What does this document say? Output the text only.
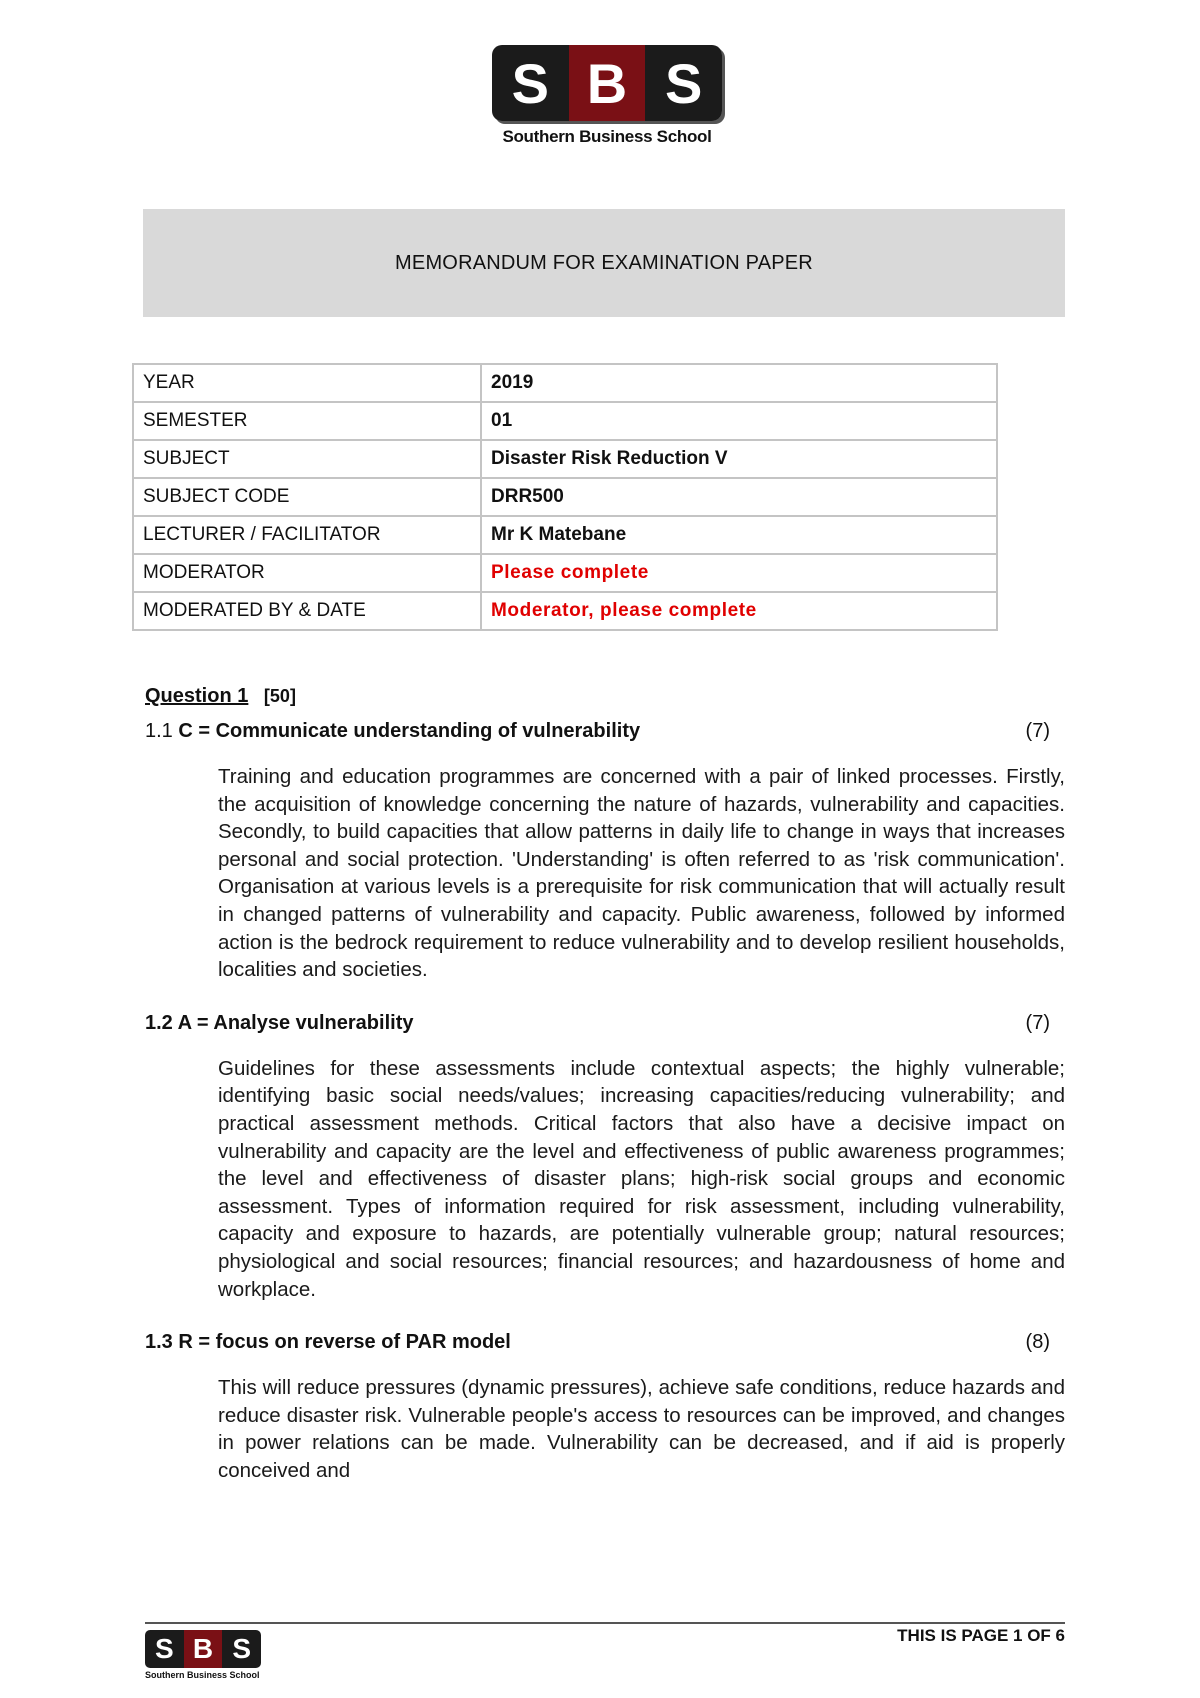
S B S
Southern Business School
MEMORANDUM FOR EXAMINATION PAPER
YEAR	2019
SEMESTER	01
SUBJECT	Disaster Risk Reduction V
SUBJECT CODE	DRR500
LECTURER / FACILITATOR	Mr K Matebane
MODERATOR	Please complete
MODERATED BY & DATE	Moderator, please complete
Question 1 [50]
1.1 C = Communicate understanding of vulnerability	(7)

Training and education programmes are concerned with a pair of linked processes. Firstly, the acquisition of knowledge concerning the nature of hazards, vulnerability and capacities. Secondly, to build capacities that allow patterns in daily life to change in ways that increases personal and social protection. 'Understanding' is often referred to as 'risk communication'. Organisation at various levels is a prerequisite for risk communication that will actually result in changed patterns of vulnerability and capacity. Public awareness, followed by informed action is the bedrock requirement to reduce vulnerability and to develop resilient households, localities and societies.

1.2 A = Analyse vulnerability	(7)

Guidelines for these assessments include contextual aspects; the highly vulnerable; identifying basic social needs/values; increasing capacities/reducing vulnerability; and practical assessment methods. Critical factors that also have a decisive impact on vulnerability and capacity are the level and effectiveness of public awareness programmes; the level and effectiveness of disaster plans; high-risk social groups and economic assessment. Types of information required for risk assessment, including vulnerability, capacity and exposure to hazards, are potentially vulnerable group; natural resources; physiological and social resources; financial resources; and hazardousness of home and workplace.

1.3 R = focus on reverse of PAR model	(8)

This will reduce pressures (dynamic pressures), achieve safe conditions, reduce hazards and reduce disaster risk. Vulnerable people's access to resources can be improved, and changes in power relations can be made. Vulnerability can be decreased, and if aid is properly conceived and

S B S
Southern Business School
THIS IS PAGE 1 OF 6
